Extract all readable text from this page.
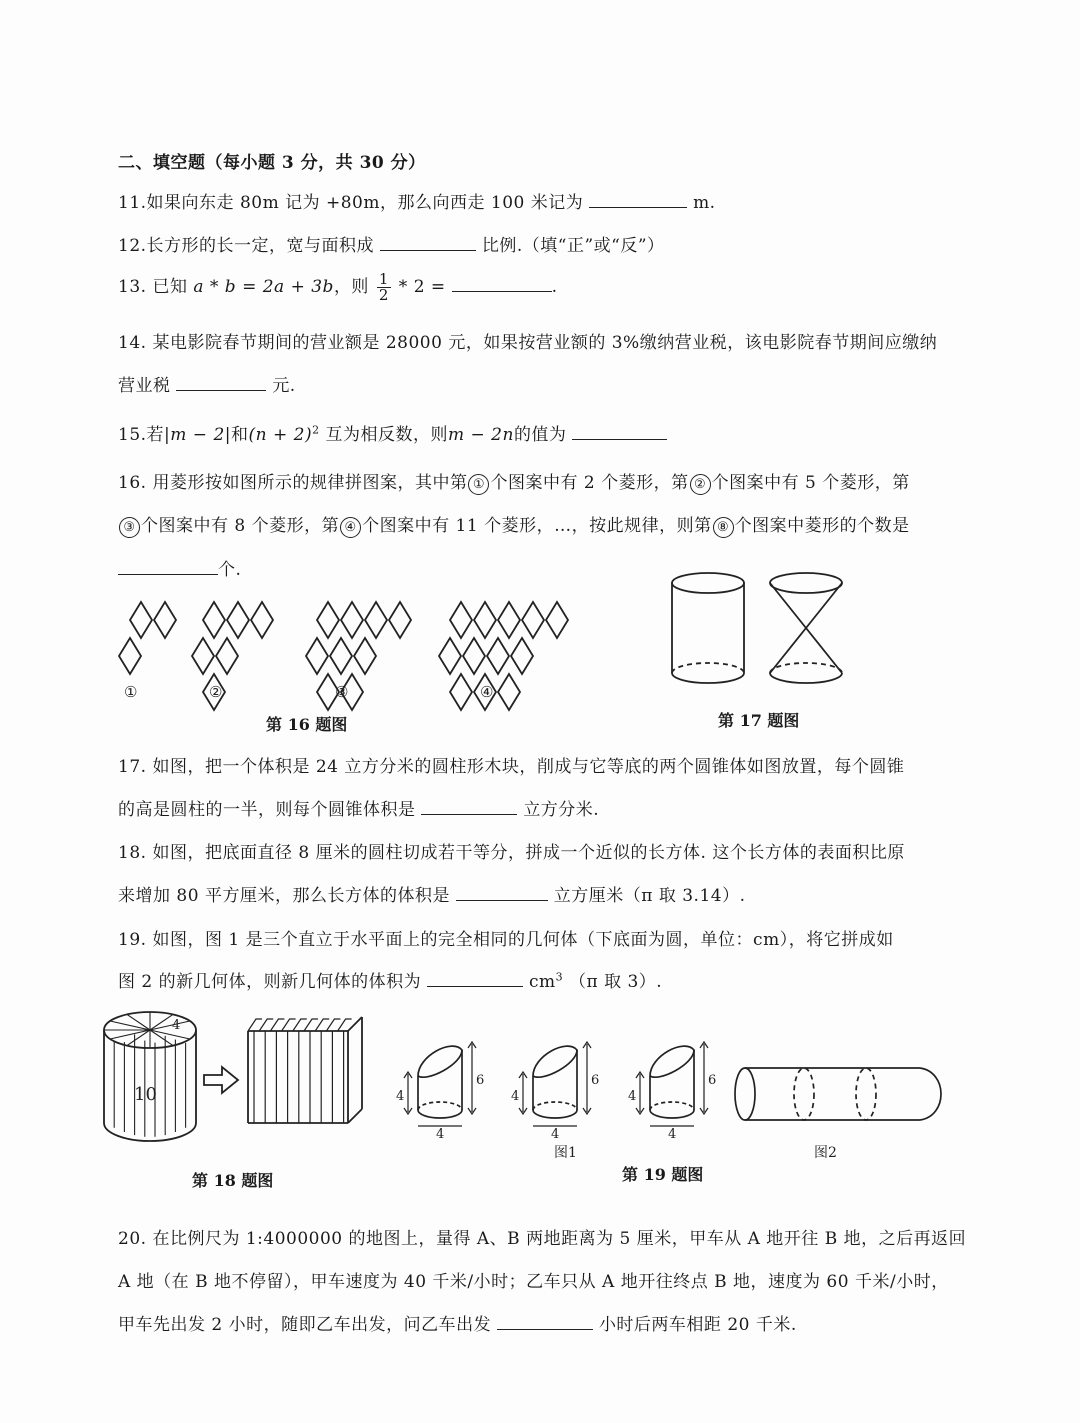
二、填空题（每小题 3 分，共 30 分）
11.如果向东走 80m 记为 +80m，那么向西走 100 米记为	m.
12.长方形的长一定，宽与面积成	比例.（填“正”或“反”）
13. 已知 a * b = 2a + 3b，则 $\frac{1}{2} * 2$ =	.
14. 某电影院春节期间的营业额是 28000 元，如果按营业额的 3%缴纳营业税，该电影院春节期间应缴纳
营业税	元.
15.若|m − 2|和$(n + 2)^2$ 互为相反数，则m − 2n的值为
16. 用菱形按如图所示的规律拼图案，其中第 ① 个图案中有 2 个菱形，第 ② 个图案中有 5 个菱形，第
③ 个图案中有 8 个菱形，第 ④ 个图案中有 11 个菱形，…，按此规律，则第 ⑧ 个图案中菱形的个数是
个.
①	②	③	④
第 16 题图	第 17 题图
17. 如图，把一个体积是 24 立方分米的圆柱形木块，削成与它等底的两个圆锥体如图放置，每个圆锥
的高是圆柱的一半，则每个圆锥体积是	立方分米.
18. 如图，把底面直径 8 厘米的圆柱切成若干等分，拼成一个近似的长方体. 这个长方体的表面积比原
来增加 80 平方厘米，那么长方体的体积是	立方厘米（π 取 3.14）.
19. 如图，图 1 是三个直立于水平面上的完全相同的几何体（下底面为圆，单位：cm），将它拼成如
图 2 的新几何体，则新几何体的体积为	$cm^3$ （π 取 3）.
10
4
第 18 题图
4
6
4
4
6
4
4
6
4
图1	图2
第 19 题图
20. 在比例尺为 1:4000000 的地图上，量得 A、B 两地距离为 5 厘米，甲车从 A 地开往 B 地，之后再返回
A 地（在 B 地不停留），甲车速度为 40 千米/小时；乙车只从 A 地开往终点 B 地，速度为 60 千米/小时，
甲车先出发 2 小时，随即乙车出发，问乙车出发	小时后两车相距 20 千米.
